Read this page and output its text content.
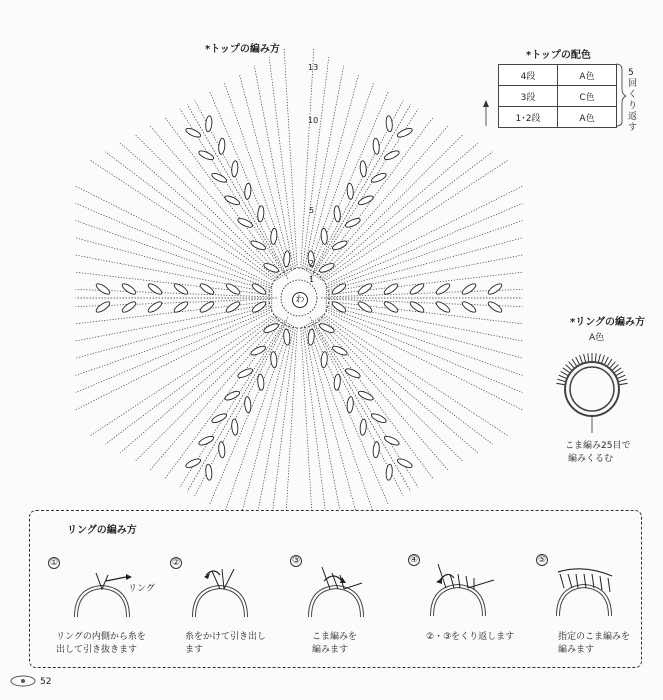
*トップの編み方
13
10
5
2
1
わ
*トップの配色
4段	A色
3段	C色
1･2段	A色
5回くり返す
*リングの編み方
A色
こま編み25目で
編みくるむ
リングの編み方
①
リング
リングの内側から糸を
出して引き抜きます
②
糸をかけて引き出し
ます
③
こま編みを
編みます
④
②・③をくり返します
⑤
指定のこま編みを
編みます
52
